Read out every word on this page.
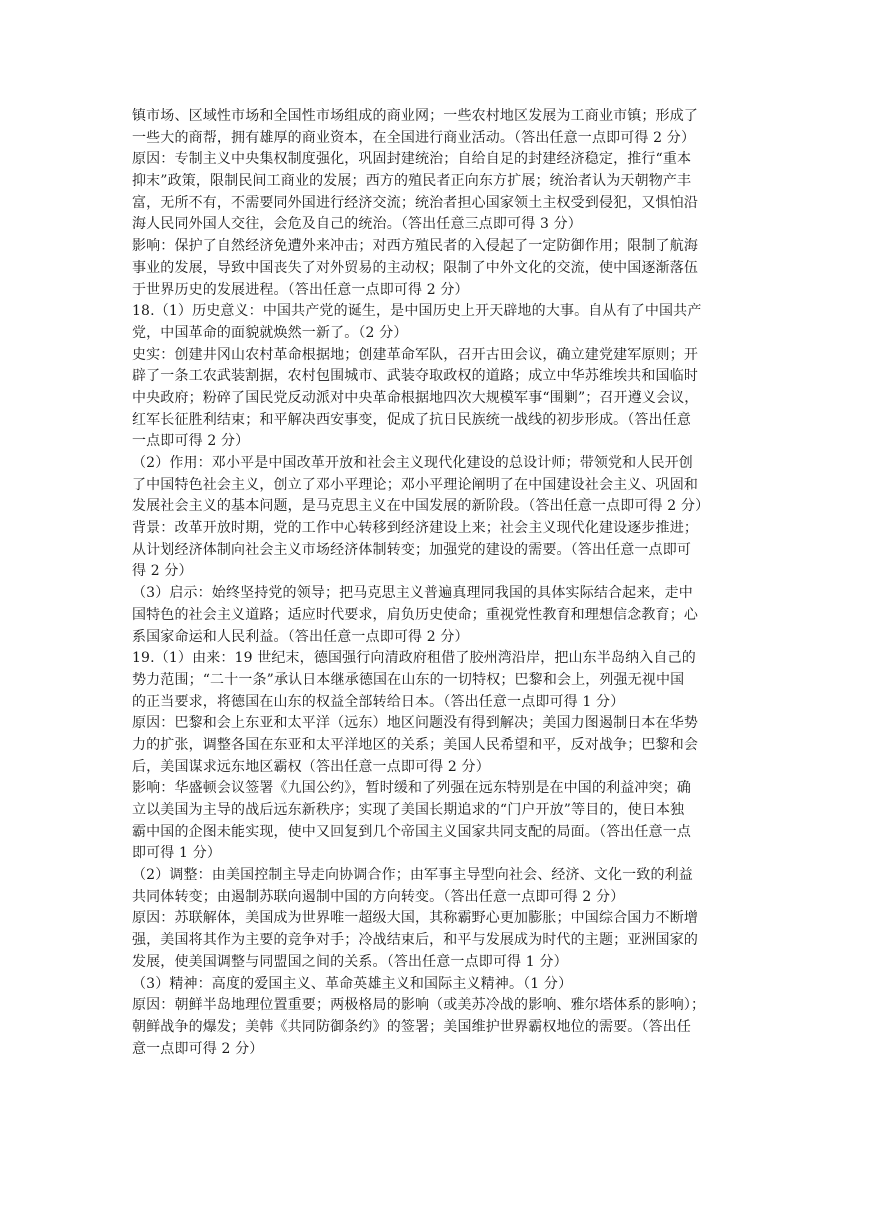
镇市场、区域性市场和全国性市场组成的商业网；一些农村地区发展为工商业市镇；形成了
一些大的商帮，拥有雄厚的商业资本，在全国进行商业活动。（答出任意一点即可得 2 分）
原因：专制主义中央集权制度强化，巩固封建统治；自给自足的封建经济稳定，推行“重本
抑末”政策，限制民间工商业的发展；西方的殖民者正向东方扩展；统治者认为天朝物产丰
富，无所不有，不需要同外国进行经济交流；统治者担心国家领土主权受到侵犯，又惧怕沿
海人民同外国人交往，会危及自己的统治。（答出任意三点即可得 3 分）
影响：保护了自然经济免遭外来冲击；对西方殖民者的入侵起了一定防御作用；限制了航海
事业的发展，导致中国丧失了对外贸易的主动权；限制了中外文化的交流，使中国逐渐落伍
于世界历史的发展进程。（答出任意一点即可得 2 分）
18.（1）历史意义：中国共产党的诞生，是中国历史上开天辟地的大事。自从有了中国共产
党，中国革命的面貌就焕然一新了。（2 分）
史实：创建井冈山农村革命根据地；创建革命军队，召开古田会议，确立建党建军原则；开
辟了一条工农武装割据，农村包围城市、武装夺取政权的道路；成立中华苏维埃共和国临时
中央政府；粉碎了国民党反动派对中央革命根据地四次大规模军事“围剿”；召开遵义会议，
红军长征胜利结束；和平解决西安事变，促成了抗日民族统一战线的初步形成。（答出任意
一点即可得 2 分）
（2）作用：邓小平是中国改革开放和社会主义现代化建设的总设计师；带领党和人民开创
了中国特色社会主义，创立了邓小平理论；邓小平理论阐明了在中国建设社会主义、巩固和
发展社会主义的基本问题，是马克思主义在中国发展的新阶段。（答出任意一点即可得 2 分）
背景：改革开放时期，党的工作中心转移到经济建设上来；社会主义现代化建设逐步推进；
从计划经济体制向社会主义市场经济体制转变；加强党的建设的需要。（答出任意一点即可
得 2 分）
（3）启示：始终坚持党的领导；把马克思主义普遍真理同我国的具体实际结合起来，走中
国特色的社会主义道路；适应时代要求，肩负历史使命；重视党性教育和理想信念教育；心
系国家命运和人民利益。（答出任意一点即可得 2 分）
19.（1）由来：19 世纪末，德国强行向清政府租借了胶州湾沿岸，把山东半岛纳入自己的
势力范围；“二十一条”承认日本继承德国在山东的一切特权；巴黎和会上，列强无视中国
的正当要求，将德国在山东的权益全部转给日本。（答出任意一点即可得 1 分）
原因：巴黎和会上东亚和太平洋（远东）地区问题没有得到解决；美国力图遏制日本在华势
力的扩张，调整各国在东亚和太平洋地区的关系；美国人民希望和平，反对战争；巴黎和会
后，美国谋求远东地区霸权（答出任意一点即可得 2 分）
影响：华盛顿会议签署《九国公约》，暂时缓和了列强在远东特别是在中国的利益冲突；确
立以美国为主导的战后远东新秩序；实现了美国长期追求的“门户开放”等目的，使日本独
霸中国的企图未能实现，使中又回复到几个帝国主义国家共同支配的局面。（答出任意一点
即可得 1 分）
（2）调整：由美国控制主导走向协调合作；由军事主导型向社会、经济、文化一致的利益
共同体转变；由遏制苏联向遏制中国的方向转变。（答出任意一点即可得 2 分）
原因：苏联解体，美国成为世界唯一超级大国，其称霸野心更加膨胀；中国综合国力不断增
强，美国将其作为主要的竞争对手；冷战结束后，和平与发展成为时代的主题；亚洲国家的
发展，使美国调整与同盟国之间的关系。（答出任意一点即可得 1 分）
（3）精神：高度的爱国主义、革命英雄主义和国际主义精神。（1 分）
原因：朝鲜半岛地理位置重要；两极格局的影响（或美苏冷战的影响、雅尔塔体系的影响）；
朝鲜战争的爆发；美韩《共同防御条约》的签署；美国维护世界霸权地位的需要。（答出任
意一点即可得 2 分）
